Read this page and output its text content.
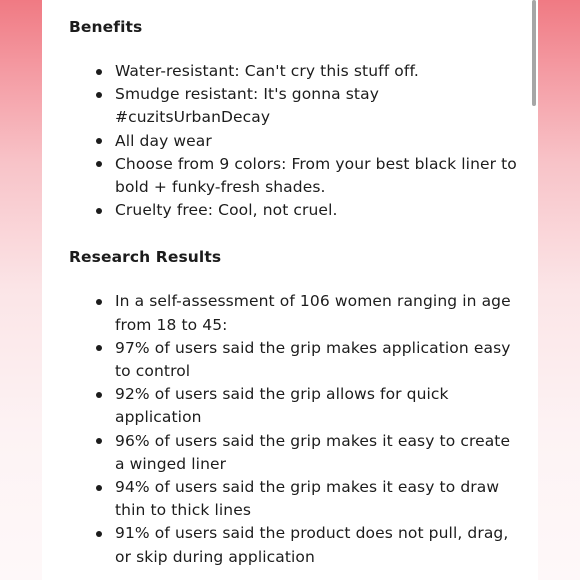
Benefits
Water-resistant: Can't cry this stuff off.
Smudge resistant: It's gonna stay #cuzitsUrbanDecay
All day wear
Choose from 9 colors: From your best black liner to bold + funky-fresh shades.
Cruelty free: Cool, not cruel.
Research Results
In a self-assessment of 106 women ranging in age from 18 to 45:
97% of users said the grip makes application easy to control
92% of users said the grip allows for quick application
96% of users said the grip makes it easy to create a winged liner
94% of users said the grip makes it easy to draw thin to thick lines
91% of users said the product does not pull, drag, or skip during application
